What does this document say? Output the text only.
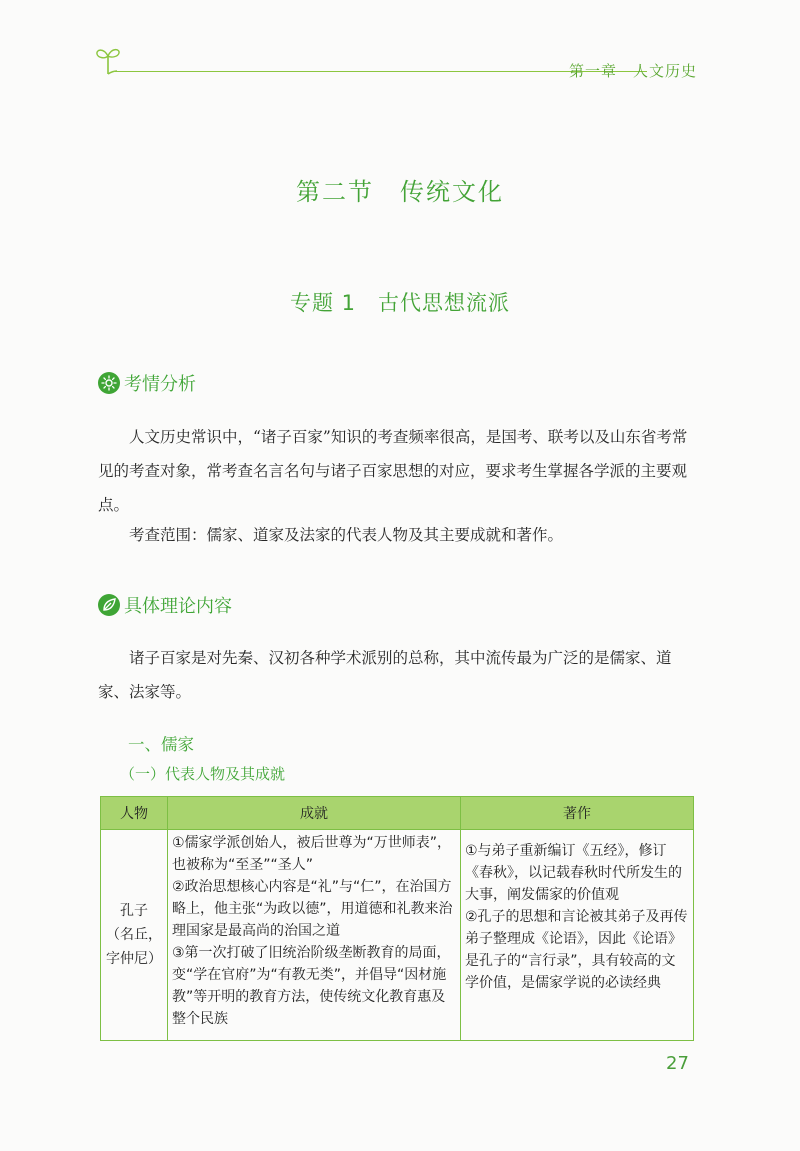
第一章　人文历史
第二节　传统文化
专题 1　古代思想流派
考情分析
人文历史常识中，“诸子百家”知识的考查频率很高，是国考、联考以及山东省考常见的考查对象，常考查名言名句与诸子百家思想的对应，要求考生掌握各学派的主要观点。
考查范围：儒家、道家及法家的代表人物及其主要成就和著作。
具体理论内容
诸子百家是对先秦、汉初各种学术派别的总称，其中流传最为广泛的是儒家、道家、法家等。
一、儒家
（一）代表人物及其成就
人物	成就	著作

孔子
（名丘，
字仲尼）	①儒家学派创始人，被后世尊为“万世师表”，也被称为“至圣”“圣人”
②政治思想核心内容是“礼”与“仁”，在治国方略上，他主张“为政以德”，用道德和礼教来治理国家是最高尚的治国之道
③第一次打破了旧统治阶级垄断教育的局面，变“学在官府”为“有教无类”，并倡导“因材施教”等开明的教育方法，使传统文化教育惠及整个民族	①与弟子重新编订《五经》，修订《春秋》，以记载春秋时代所发生的大事，阐发儒家的价值观
②孔子的思想和言论被其弟子及再传弟子整理成《论语》，因此《论语》是孔子的“言行录”，具有较高的文学价值，是儒家学说的必读经典
27
